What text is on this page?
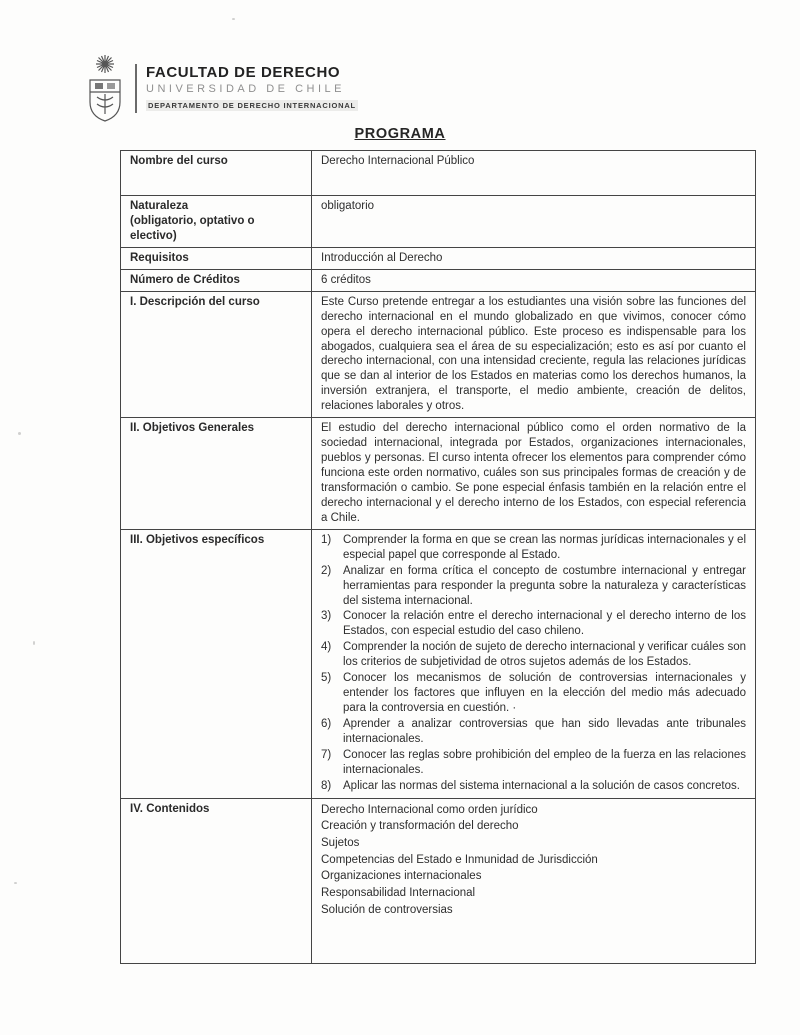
FACULTAD DE DERECHO
UNIVERSIDAD DE CHILE
DEPARTAMENTO DE DERECHO INTERNACIONAL
PROGRAMA
Nombre del curso	Derecho Internacional Público

Naturaleza
(obligatorio, optativo o electivo)	obligatorio
Requisitos	Introducción al Derecho
Número de Créditos	6 créditos
I. Descripción del curso	Este Curso pretende entregar a los estudiantes una visión sobre las funciones del derecho internacional en el mundo globalizado en que vivimos, conocer cómo opera el derecho internacional público. Este proceso es indispensable para los abogados, cualquiera sea el área de su especialización; esto es así por cuanto el derecho internacional, con una intensidad creciente, regula las relaciones jurídicas que se dan al interior de los Estados en materias como los derechos humanos, la inversión extranjera, el transporte, el medio ambiente, creación de delitos, relaciones laborales y otros.
II. Objetivos Generales	El estudio del derecho internacional público como el orden normativo de la sociedad internacional, integrada por Estados, organizaciones internacionales, pueblos y personas. El curso intenta ofrecer los elementos para comprender cómo funciona este orden normativo, cuáles son sus principales formas de creación y de transformación o cambio. Se pone especial énfasis también en la relación entre el derecho internacional y el derecho interno de los Estados, con especial referencia a Chile.
III. Objetivos específicos	1)	Comprender la forma en que se crean las normas jurídicas internacionales y el especial papel que corresponde al Estado.
2)	Analizar en forma crítica el concepto de costumbre internacional y entregar herramientas para responder la pregunta sobre la naturaleza y características del sistema internacional.
3)	Conocer la relación entre el derecho internacional y el derecho interno de los Estados, con especial estudio del caso chileno.
4)	Comprender la noción de sujeto de derecho internacional y verificar cuáles son los criterios de subjetividad de otros sujetos además de los Estados.
5)	Conocer los mecanismos de solución de controversias internacionales y entender los factores que influyen en la elección del medio más adecuado para la controversia en cuestión. ·
6)	Aprender a analizar controversias que han sido llevadas ante tribunales internacionales.
7)	Conocer las reglas sobre prohibición del empleo de la fuerza en las relaciones internacionales.
8)	Aplicar las normas del sistema internacional a la solución de casos concretos.

IV. Contenidos	Derecho Internacional como orden jurídico
Creación y transformación del derecho
Sujetos
Competencias del Estado e Inmunidad de Jurisdicción
Organizaciones internacionales
Responsabilidad Internacional
Solución de controversias
